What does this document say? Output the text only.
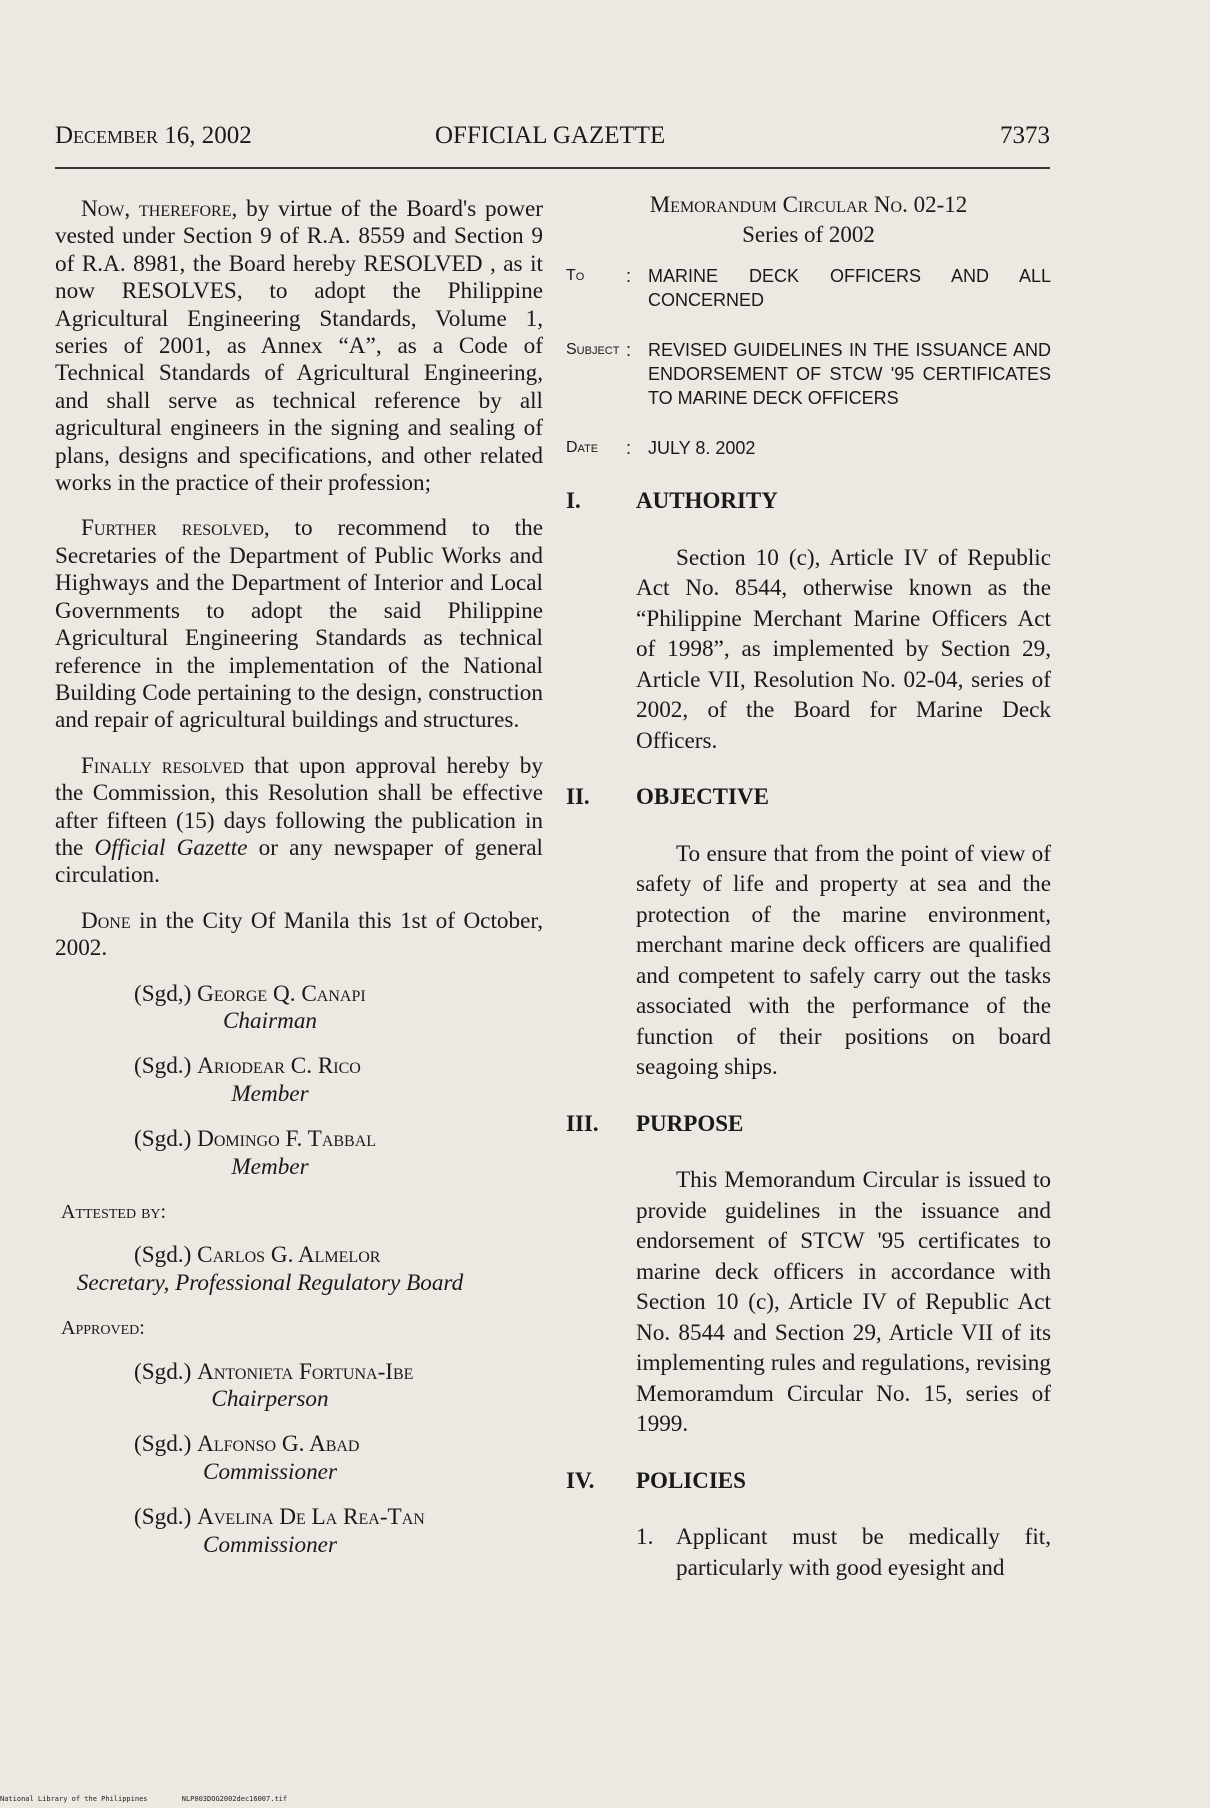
December 16, 2002	OFFICIAL GAZETTE	7373

Now, therefore, by virtue of the Board's power vested under Section 9 of R.A. 8559 and Section 9 of R.A. 8981, the Board hereby RESOLVED , as it now RESOLVES, to adopt the Philippine Agricultural Engineering Standards, Volume 1, series of 2001, as Annex “A”, as a Code of Technical Standards of Agricultural Engineering, and shall serve as technical reference by all agricultural engineers in the signing and sealing of plans, designs and specifications, and other related works in the practice of their profession;

Further resolved, to recommend to the Secretaries of the Department of Public Works and Highways and the Department of Interior and Local Governments to adopt the said Philippine Agricultural Engineering Standards as technical reference in the implementation of the National Building Code pertaining to the design, construction and repair of agricultural buildings and structures.

Finally resolved that upon approval hereby by the Commission, this Resolution shall be effective after fifteen (15) days following the publication in the Official Gazette or any newspaper of general circulation.

Done in the City Of Manila this 1st of October, 2002.

(Sgd,) George Q. Canapi
Chairman
(Sgd.) Ariodear C. Rico
Member
(Sgd.) Domingo F. Tabbal
Member
Attested by:
(Sgd.) Carlos G. Almelor
Secretary, Professional Regulatory Board
Approved:
(Sgd.) Antonieta Fortuna-Ibe
Chairperson
(Sgd.) Alfonso G. Abad
Commissioner
(Sgd.) Avelina De La Rea-Tan
Commissioner
Memorandum Circular No. 02-12
Series of 2002
To	: MARINE DECK OFFICERS AND ALL CONCERNED
Subject : REVISED GUIDELINES IN THE ISSUANCE AND ENDORSEMENT OF STCW '95 CERTIFICATES TO MARINE DECK OFFICERS
Date	: JULY 8. 2002
I.	AUTHORITY
Section 10 (c), Article IV of Republic Act No. 8544, otherwise known as the “Philippine Merchant Marine Officers Act of 1998”, as implemented by Section 29, Article VII, Resolution No. 02-04, series of 2002, of the Board for Marine Deck Officers.
II.	OBJECTIVE
To ensure that from the point of view of safety of life and property at sea and the protection of the marine environment, merchant marine deck officers are qualified and competent to safely carry out the tasks associated with the performance of the function of their positions on board seagoing ships.
III.	PURPOSE
This Memorandum Circular is issued to provide guidelines in the issuance and endorsement of STCW '95 certificates to marine deck officers in accordance with Section 10 (c), Article IV of Republic Act No. 8544 and Section 29, Article VII of its implementing rules and regulations, revising Memoramdum Circular No. 15, series of 1999.
IV.	POLICIES
1. Applicant must be medically fit, particularly with good eyesight and
National Library of the Philippines	NLP003DOG2002dec16007.tif
